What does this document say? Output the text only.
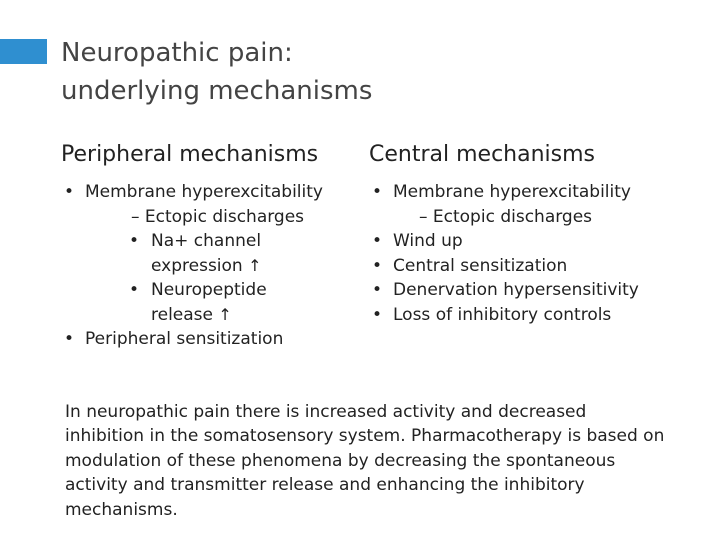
Neuropathic pain:
underlying mechanisms
Peripheral mechanisms Central mechanisms
• Membrane hyperexcitability
– Ectopic discharges
• Na+ channel expression ↑
• Neuropeptide release ↑
• Peripheral sensitization
• Membrane hyperexcitability
– Ectopic discharges
• Wind up
• Central sensitization
• Denervation hypersensitivity
• Loss of inhibitory controls

In neuropathic pain there is increased activity and decreased inhibition in the somatosensory system. Pharmacotherapy is based on modulation of these phenomena by decreasing the spontaneous activity and transmitter release and enhancing the inhibitory mechanisms.
